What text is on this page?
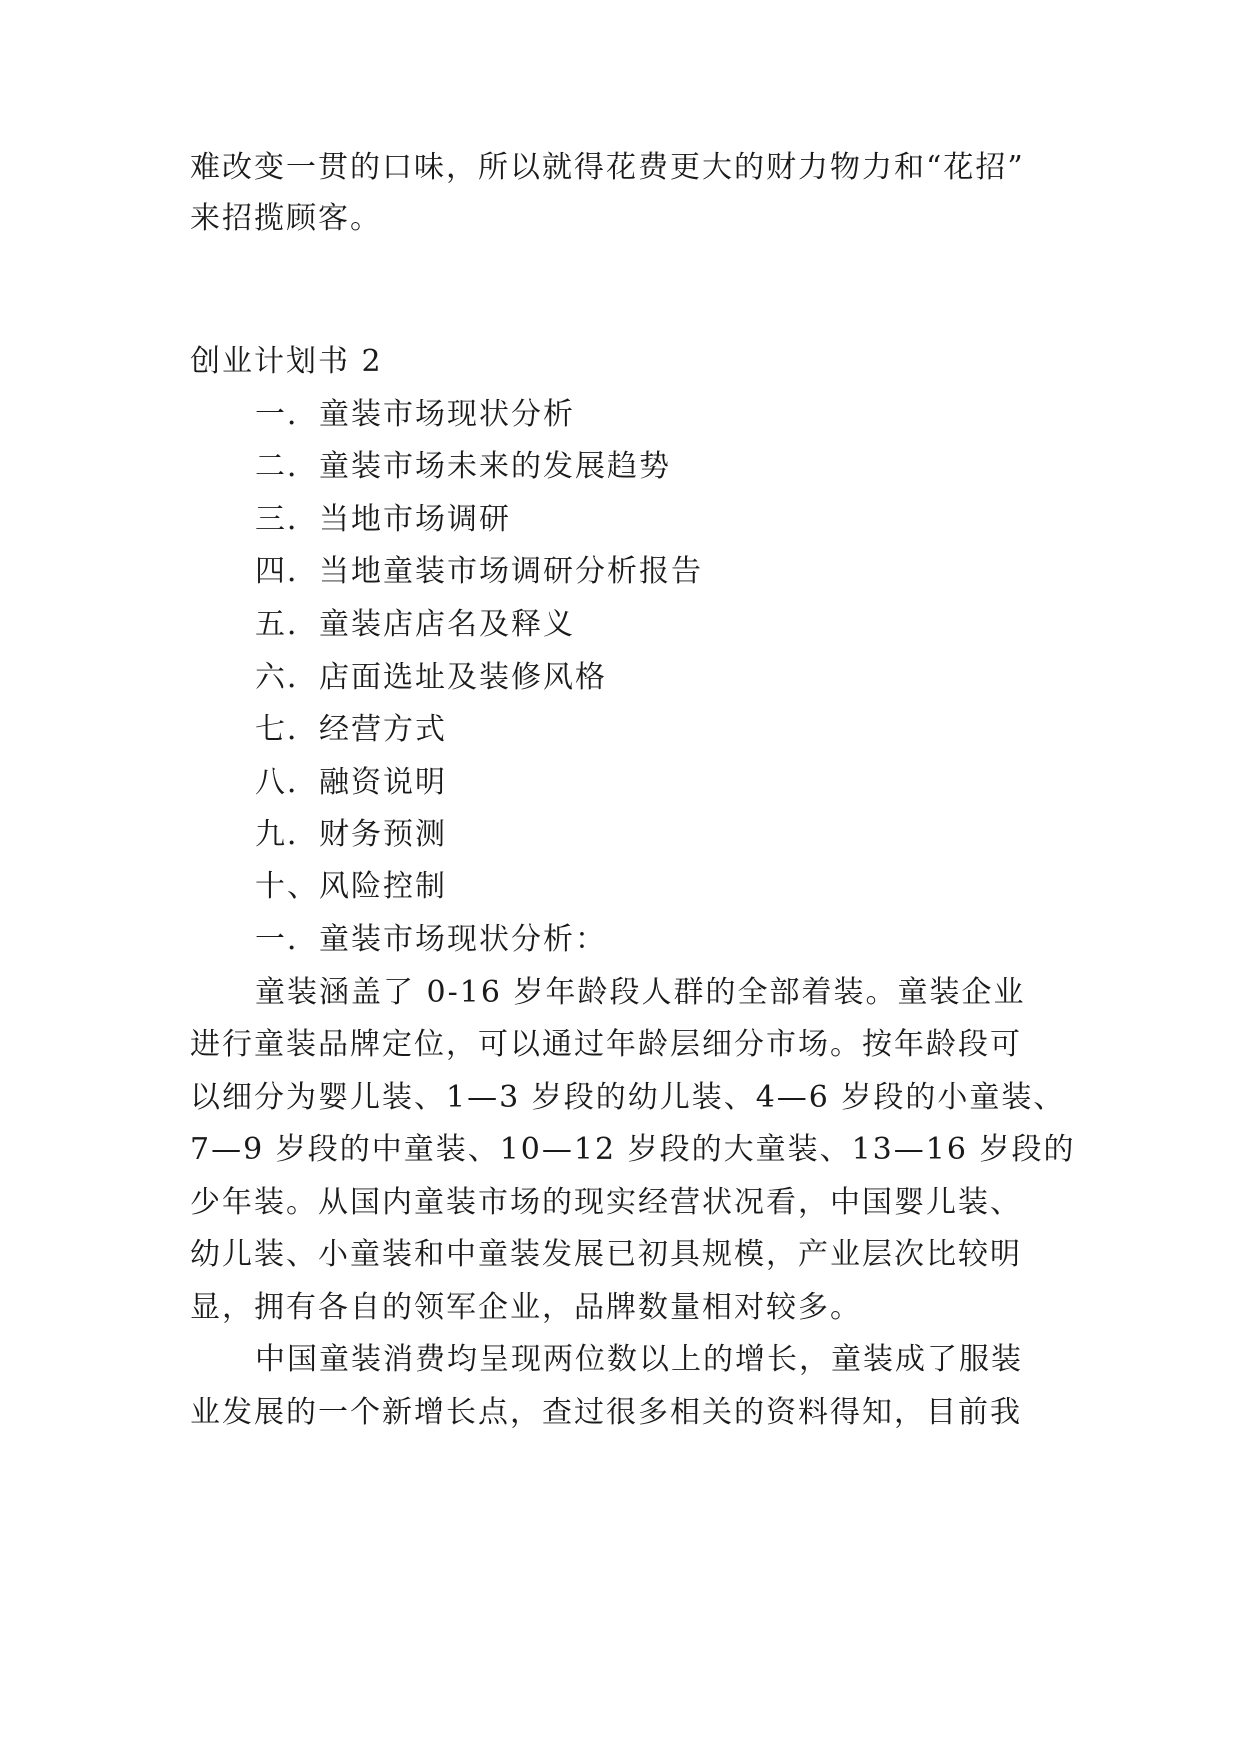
难改变一贯的口味，所以就得花费更大的财力物力和“花招”
来招揽顾客。
创业计划书 2
一．童装市场现状分析
二．童装市场未来的发展趋势
三．当地市场调研
四．当地童装市场调研分析报告
五．童装店店名及释义
六．店面选址及装修风格
七．经营方式
八．融资说明
九．财务预测
十、风险控制
一．童装市场现状分析：
童装涵盖了 0-16 岁年龄段人群的全部着装。童装企业
进行童装品牌定位，可以通过年龄层细分市场。按年龄段可
以细分为婴儿装、1—3 岁段的幼儿装、4—6 岁段的小童装、
7—9 岁段的中童装、10—12 岁段的大童装、13—16 岁段的
少年装。从国内童装市场的现实经营状况看，中国婴儿装、
幼儿装、小童装和中童装发展已初具规模，产业层次比较明
显，拥有各自的领军企业，品牌数量相对较多。
中国童装消费均呈现两位数以上的增长，童装成了服装
业发展的一个新增长点，查过很多相关的资料得知，目前我
